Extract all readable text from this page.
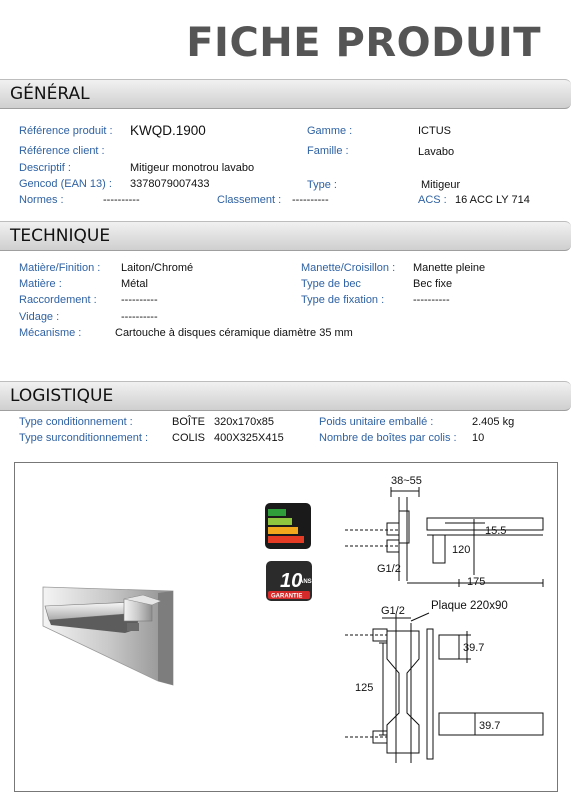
FICHE PRODUIT
GÉNÉRAL
Référence produit : KWQD.1900	Gamme :	ICTUS
Référence client :	Famille :	Lavabo
Descriptif :	Mitigeur monotrou lavabo
Gencod (EAN 13) : 3378079007433	Type :	Mitigeur
Normes :	----------	Classement : ----------	ACS : 16 ACC LY 714
TECHNIQUE
Matière/Finition : Laiton/Chromé	Manette/Croisillon : Manette pleine
Matière :	Métal	Type de bec	Bec fixe
Raccordement : ----------	Type de fixation :	----------
Vidage :	----------
Mécanisme :	Cartouche à disques céramique diamètre 35 mm
LOGISTIQUE
Type conditionnement :	BOÎTE 320x170x85	Poids unitaire emballé :	2.405 kg
Type surconditionnement : COLIS 400X325X415	Nombre de boîtes par colis : 10
10
ANS
GARANTIE
38~55
15.5
120
G1/2
175
G1/2 Plaque 220x90
39.7
125
39.7
